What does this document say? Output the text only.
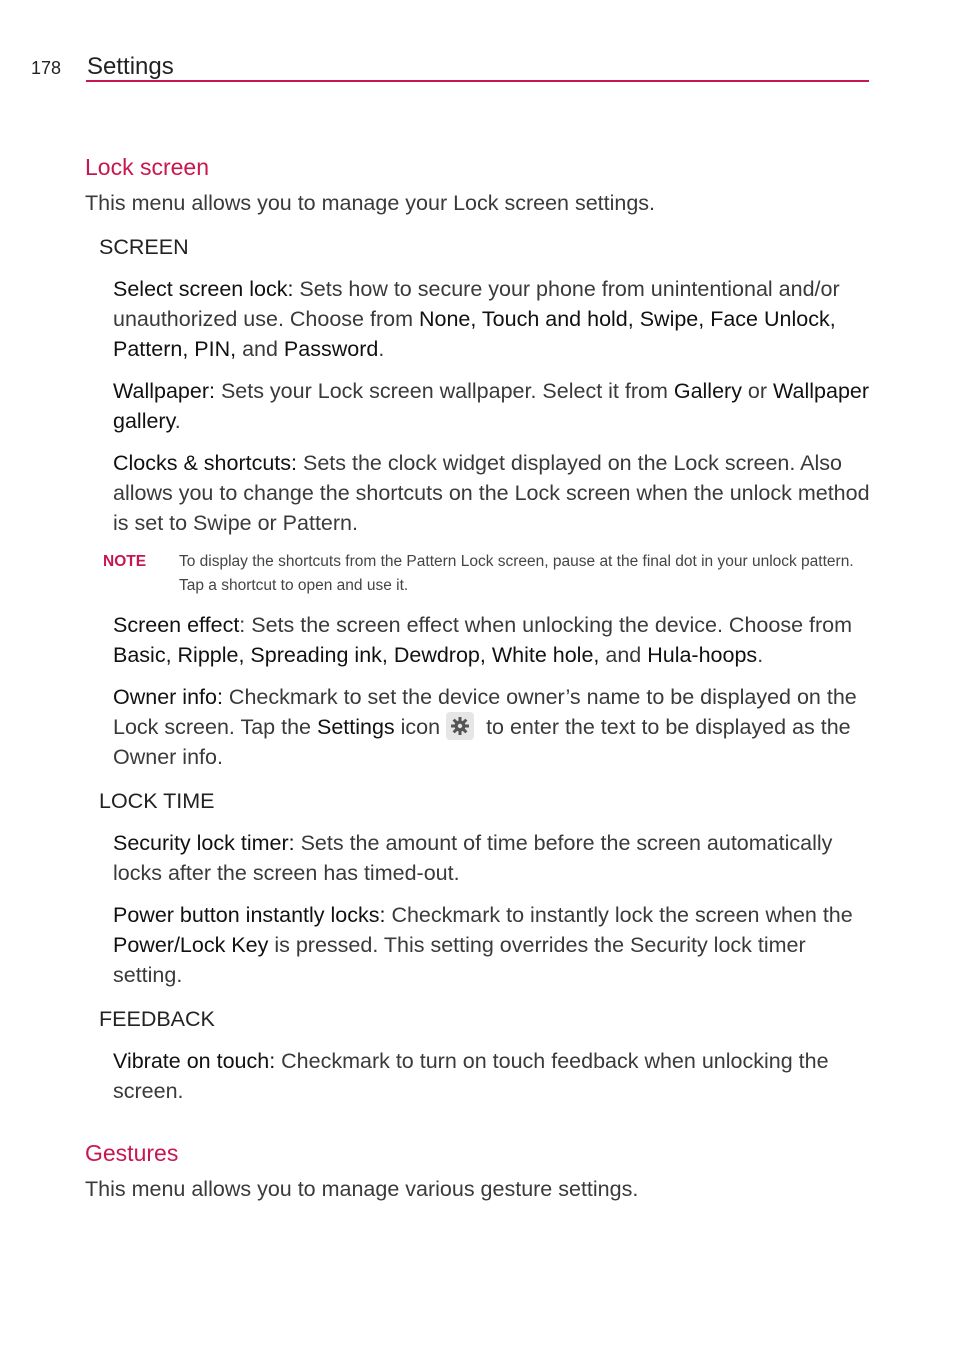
178 Settings
Lock screen

This menu allows you to manage your Lock screen settings.

SCREEN

Select screen lock: Sets how to secure your phone from unintentional and/or unauthorized use. Choose from None, Touch and hold, Swipe, Face Unlock, Pattern, PIN, and Password.

Wallpaper: Sets your Lock screen wallpaper. Select it from Gallery or Wallpaper gallery.

Clocks & shortcuts: Sets the clock widget displayed on the Lock screen. Also allows you to change the shortcuts on the Lock screen when the unlock method is set to Swipe or Pattern.

NOTE	To display the shortcuts from the Pattern Lock screen, pause at the final dot in your unlock pattern. Tap a shortcut to open and use it.

Screen effect: Sets the screen effect when unlocking the device. Choose from Basic, Ripple, Spreading ink, Dewdrop, White hole, and Hula-hoops.

Owner info: Checkmark to set the device owner’s name to be displayed on the Lock screen. Tap the Settings icon
to enter the text to be displayed as the Owner info.

LOCK TIME

Security lock timer: Sets the amount of time before the screen automatically locks after the screen has timed-out.

Power button instantly locks: Checkmark to instantly lock the screen when the Power/Lock Key is pressed. This setting overrides the Security lock timer setting.

FEEDBACK

Vibrate on touch: Checkmark to turn on touch feedback when unlocking the screen.

Gestures

This menu allows you to manage various gesture settings.
